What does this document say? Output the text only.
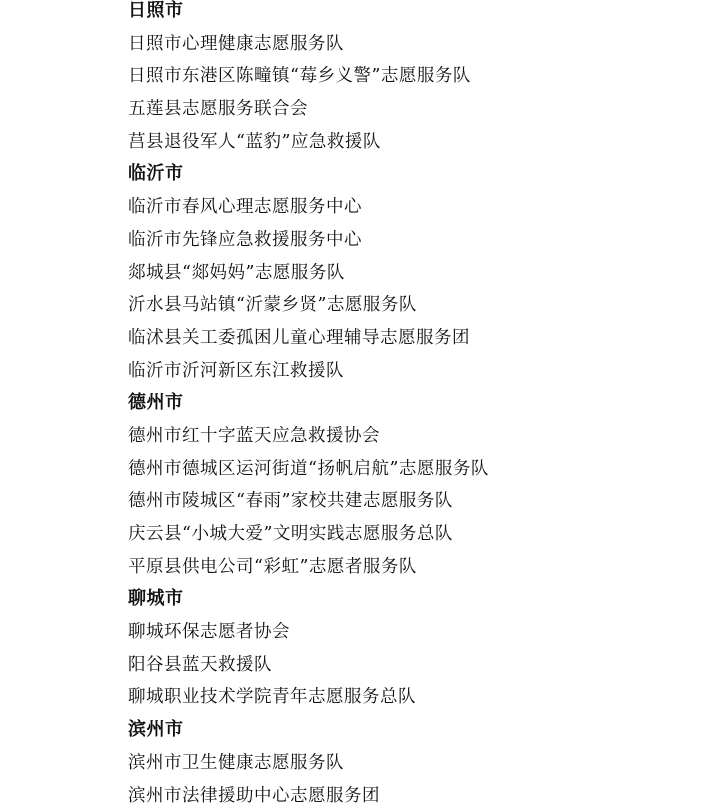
日照市
日照市心理健康志愿服务队
日照市东港区陈疃镇“莓乡义警”志愿服务队
五莲县志愿服务联合会
莒县退役军人“蓝豹”应急救援队
临沂市
临沂市春风心理志愿服务中心
临沂市先锋应急救援服务中心
郯城县“郯妈妈”志愿服务队
沂水县马站镇“沂蒙乡贤”志愿服务队
临沭县关工委孤困儿童心理辅导志愿服务团
临沂市沂河新区东江救援队
德州市
德州市红十字蓝天应急救援协会
德州市德城区运河街道“扬帆启航”志愿服务队
德州市陵城区“春雨”家校共建志愿服务队
庆云县“小城大爱”文明实践志愿服务总队
平原县供电公司“彩虹”志愿者服务队
聊城市
聊城环保志愿者协会
阳谷县蓝天救援队
聊城职业技术学院青年志愿服务总队
滨州市
滨州市卫生健康志愿服务队
滨州市法律援助中心志愿服务团
